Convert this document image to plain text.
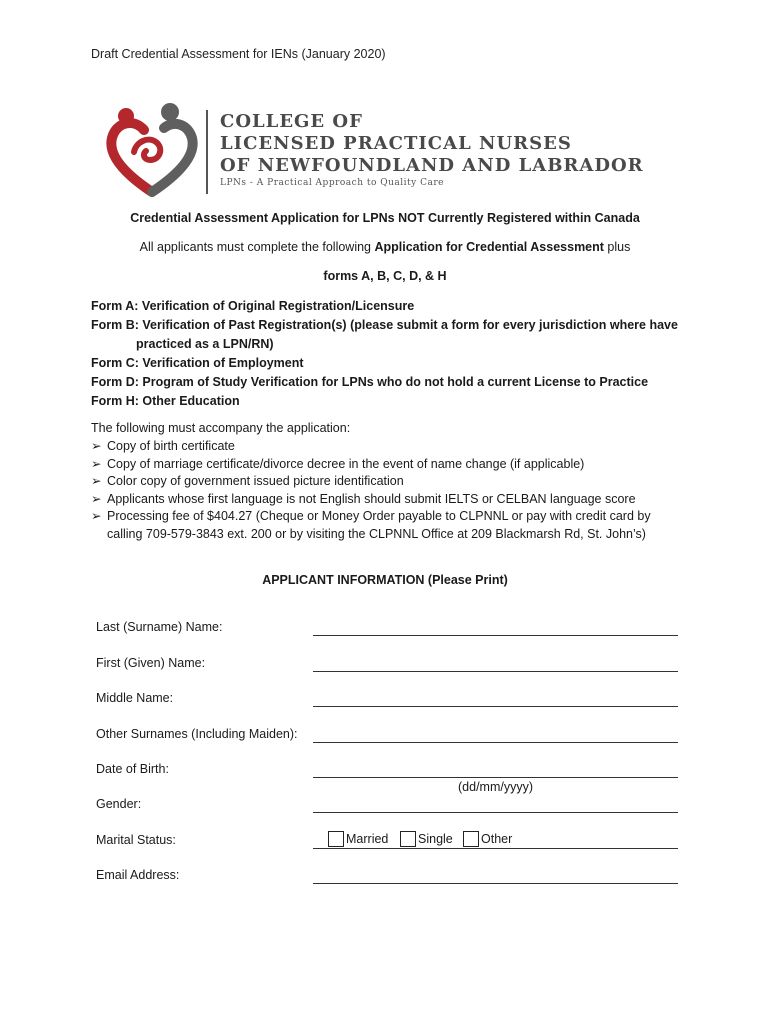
Draft Credential Assessment for IENs (January 2020)
COLLEGE OF
LICENSED PRACTICAL NURSES
OF NEWFOUNDLAND AND LABRADOR
LPNs - A Practical Approach to Quality Care
Credential Assessment Application for LPNs NOT Currently Registered within Canada
All applicants must complete the following Application for Credential Assessment plus
forms A, B, C, D, & H
Form A: Verification of Original Registration/Licensure
Form B: Verification of Past Registration(s) (please submit a form for every jurisdiction where have
practiced as a LPN/RN)
Form C: Verification of Employment
Form D: Program of Study Verification for LPNs who do not hold a current License to Practice
Form H: Other Education
The following must accompany the application:
➢ Copy of birth certificate
➢ Copy of marriage certificate/divorce decree in the event of name change (if applicable)
➢ Color copy of government issued picture identification
➢ Applicants whose first language is not English should submit IELTS or CELBAN language score
➢ Processing fee of $404.27 (Cheque or Money Order payable to CLPNNL or pay with credit card by
calling 709-579-3843 ext. 200 or by visiting the CLPNNL Office at 209 Blackmarsh Rd, St. John’s)
APPLICANT INFORMATION (Please Print)
Last (Surname) Name:
First (Given) Name:
Middle Name:
Other Surnames (Including Maiden):
Date of Birth:
(dd/mm/yyyy)
Gender:
Marital Status:	Married Single Other
Email Address:
